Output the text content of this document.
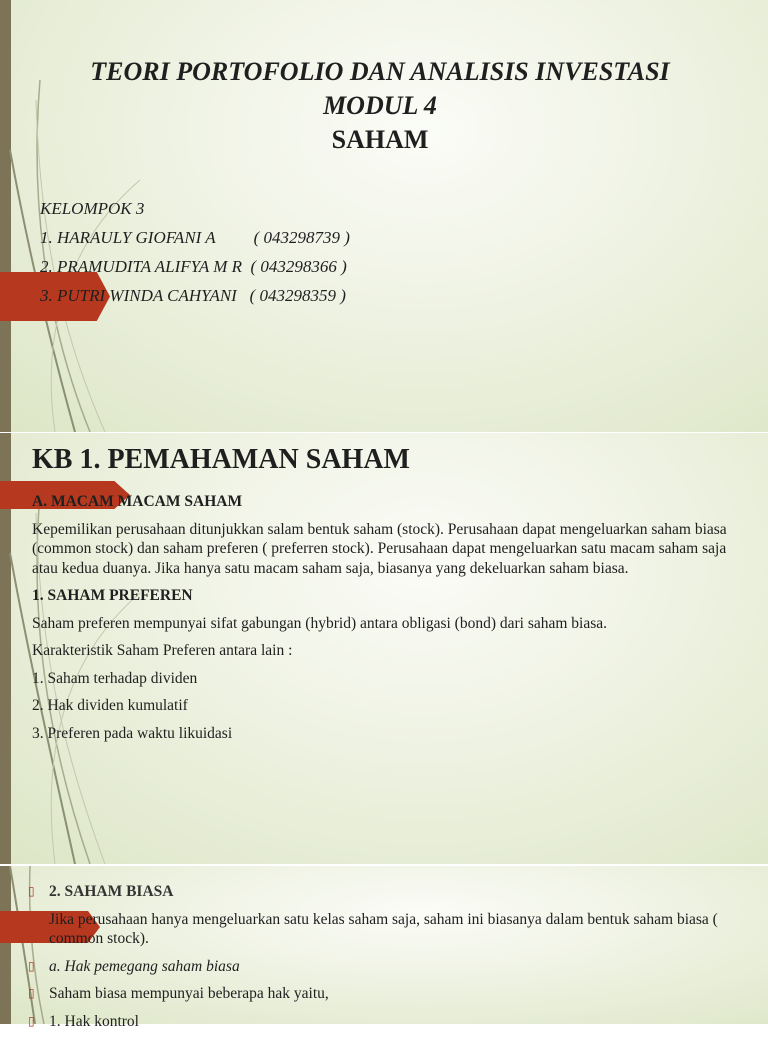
TEORI PORTOFOLIO DAN ANALISIS INVESTASI
MODUL 4
SAHAM
KELOMPOK 3
1. HARAULY GIOFANI A         ( 043298739 )
2. PRAMUDITA ALIFYA M R  ( 043298366 )
3. PUTRI WINDA CAHYANI   ( 043298359 )
KB 1. PEMAHAMAN SAHAM

A. MACAM MACAM SAHAM

Kepemilikan perusahaan ditunjukkan salam bentuk saham (stock). Perusahaan dapat mengeluarkan saham biasa (common stock) dan saham preferen ( preferren stock). Perusahaan dapat mengeluarkan satu macam saham saja atau kedua duanya. Jika hanya satu macam saham saja, biasanya yang dekeluarkan saham biasa.

1. SAHAM PREFEREN

Saham preferen mempunyai sifat gabungan (hybrid) antara obligasi (bond) dari saham biasa.

Karakteristik Saham Preferen antara lain :

1. Saham terhadap dividen

2. Hak dividen kumulatif

3. Preferen pada waktu likuidasi

▯ 2. SAHAM BIASA
Jika perusahaan hanya mengeluarkan satu kelas saham saja, saham ini biasanya dalam bentuk saham biasa ( common stock).
▯ a. Hak pemegang saham biasa
▯ Saham biasa mempunyai beberapa hak yaitu,
▯ 1. Hak kontrol
